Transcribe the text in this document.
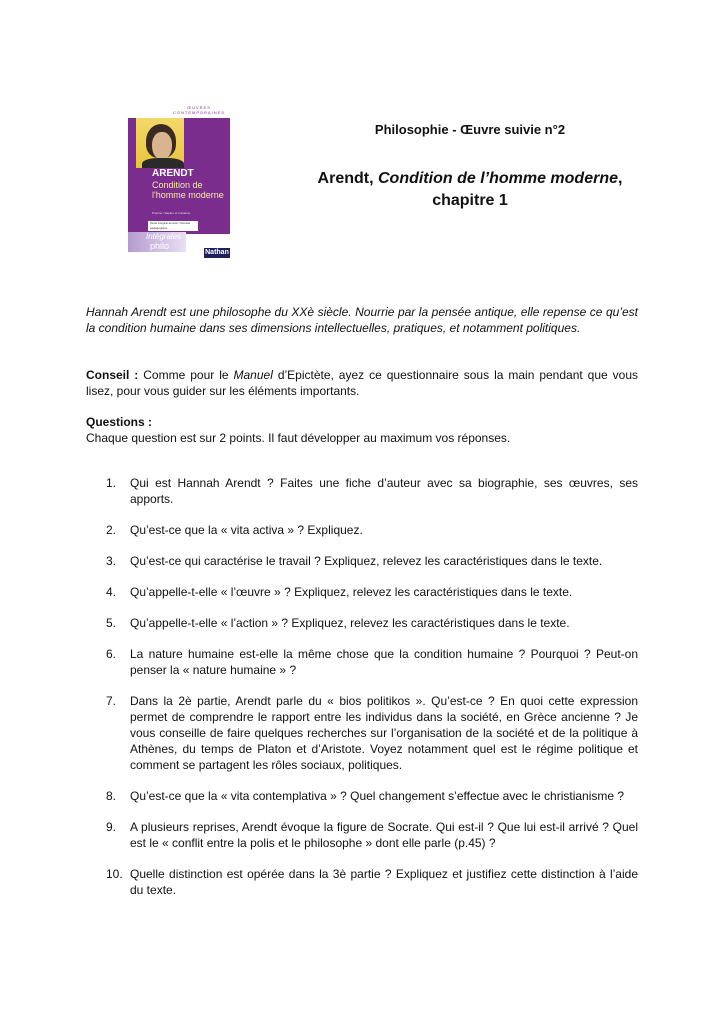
ŒUVRES CONTEMPORAINES
ARENDT
Condition de l'homme moderne
Premier chapitre et troisième
Texte intégral annoté / Dossier pédagogique
Intégrales
philo
Nathan
Philosophie - Œuvre suivie n°2
Arendt, Condition de l’homme moderne,
chapitre 1
Hannah Arendt est une philosophe du XXè siècle. Nourrie par la pensée antique, elle repense ce qu’est la condition humaine dans ses dimensions intellectuelles, pratiques, et notamment politiques.
Conseil : Comme pour le Manuel d’Epictète, ayez ce questionnaire sous la main pendant que vous lisez, pour vous guider sur les éléments importants.
Questions :
Chaque question est sur 2 points. Il faut développer au maximum vos réponses.
1.	Qui est Hannah Arendt ? Faites une fiche d’auteur avec sa biographie, ses œuvres, ses apports.
2.	Qu’est-ce que la « vita activa » ? Expliquez.
3.	Qu’est-ce qui caractérise le travail ? Expliquez, relevez les caractéristiques dans le texte.
4.	Qu’appelle-t-elle « l’œuvre » ? Expliquez, relevez les caractéristiques dans le texte.
5.	Qu’appelle-t-elle « l’action » ? Expliquez, relevez les caractéristiques dans le texte.
6.	La nature humaine est-elle la même chose que la condition humaine ? Pourquoi ? Peut-on penser la « nature humaine » ?
7.	Dans la 2è partie, Arendt parle du « bios politikos ». Qu’est-ce ? En quoi cette expression permet de comprendre le rapport entre les individus dans la société, en Grèce ancienne ? Je vous conseille de faire quelques recherches sur l’organisation de la société et de la politique à Athènes, du temps de Platon et d’Aristote. Voyez notamment quel est le régime politique et comment se partagent les rôles sociaux, politiques.
8.	Qu’est-ce que la « vita contemplativa » ? Quel changement s’effectue avec le christianisme ?
9.	A plusieurs reprises, Arendt évoque la figure de Socrate. Qui est-il ? Que lui est-il arrivé ? Quel est le « conflit entre la polis et le philosophe » dont elle parle (p.45) ?
10. Quelle distinction est opérée dans la 3è partie ? Expliquez et justifiez cette distinction à l’aide du texte.
